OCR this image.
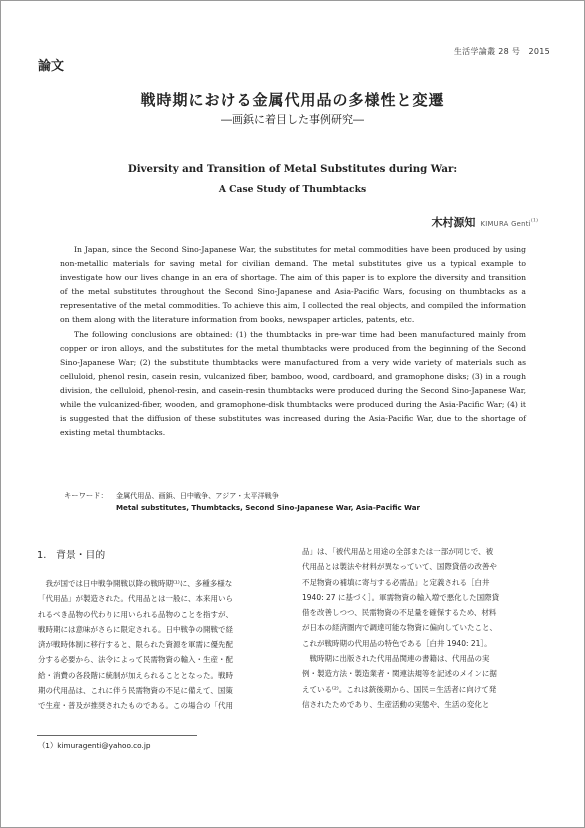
論文
生活学論叢 28 号　2015
戦時期における金属代用品の多様性と変遷
―画鋲に着目した事例研究―
Diversity and Transition of Metal Substitutes during War:
A Case Study of Thumbtacks
木村源知 KIMURA Genti$^{(1)}$

In Japan, since the Second Sino-Japanese War, the substitutes for metal commodities have been produced by using non-metallic materials for saving metal for civilian demand. The metal substitutes give us a typical example to investigate how our lives change in an era of shortage. The aim of this paper is to explore the diversity and transition of the metal substitutes throughout the Second Sino-Japanese and Asia-Pacific Wars, focusing on thumbtacks as a representative of the metal commodities. To achieve this aim, I collected the real objects, and compiled the information on them along with the literature information from books, newspaper articles, patents, etc.

The following conclusions are obtained: (1) the thumbtacks in pre-war time had been manufactured mainly from copper or iron alloys, and the substitutes for the metal thumbtacks were produced from the beginning of the Second Sino-Japanese War; (2) the substitute thumbtacks were manufactured from a very wide variety of materials such as celluloid, phenol resin, casein resin, vulcanized fiber, bamboo, wood, cardboard, and gramophone disks; (3) in a rough division, the celluloid, phenol-resin, and casein-resin thumbtacks were produced during the Second Sino-Japanese War, while the vulcanized-fiber, wooden, and gramophone-disk thumbtacks were produced during the Asia-Pacific War; (4) it is suggested that the diffusion of these substitutes was increased during the Asia-Pacific War, due to the shortage of existing metal thumbtacks.

キーワード： 金属代用品、画鋲、日中戦争、アジア・太平洋戦争
Metal substitutes, Thumbtacks, Second Sino-Japanese War, Asia-Pacific War
1.　背景・目的
　我が国では日中戦争開戦以降の戦時期⁽¹⁾に、多種多様な
「代用品」が製造された。代用品とは一般に、本来用いら
れるべき品物の代わりに用いられる品物のことを指すが、
戦時期には意味がさらに限定される。日中戦争の開戦で経
済が戦時体制に移行すると、限られた資源を軍需に優先配
分する必要から、法令によって民需物資の輸入・生産・配
給・消費の各段階に統制が加えられることとなった。戦時
期の代用品は、これに伴う民需物資の不足に備えて、国策
で生産・普及が推奨されたものである。この場合の「代用
品」は、「被代用品と用途の全部または一部が同じで、被
代用品とは製法や材料が異なっていて、国際貸借の改善や
不足物資の補填に寄与する必需品」と定義される［白井
1940: 27 に基づく］。軍需物資の輸入増で悪化した国際貸
借を改善しつつ、民需物資の不足量を確保するため、材料
が日本の経済圏内で調達可能な物資に偏向していたこと、
これが戦時期の代用品の特色である［白井 1940: 21］。
　戦時期に出版された代用品関連の書籍は、代用品の実
例・製造方法・製造業者・関連法規等を記述のメインに据
えている⁽²⁾。これは銃後期から、国民＝生活者に向けて発
信されたためであり、生産活動の実態や、生活の変化と
（1）kimuragenti@yahoo.co.jp
